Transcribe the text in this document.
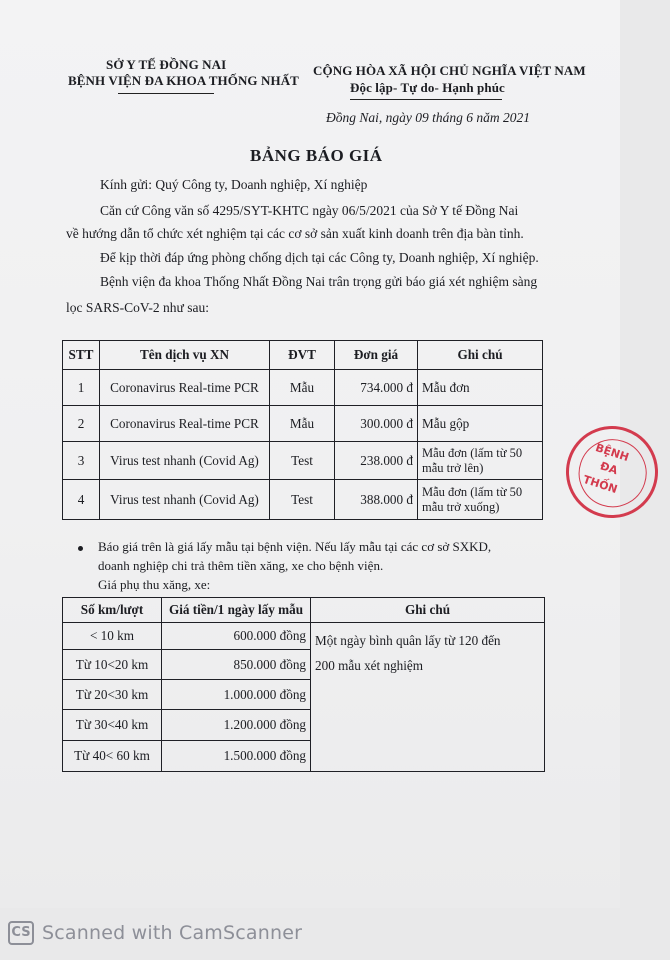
SỞ Y TẾ ĐỒNG NAI
BỆNH VIỆN ĐA KHOA THỐNG NHẤT
CỘNG HÒA XÃ HỘI CHỦ NGHĨA VIỆT NAM
Độc lập- Tự do- Hạnh phúc
Đồng Nai, ngày 09 tháng 6 năm 2021
BẢNG BÁO GIÁ
Kính gửi: Quý Công ty, Doanh nghiệp, Xí nghiệp
Căn cứ Công văn số 4295/SYT-KHTC ngày 06/5/2021 của Sở Y tế Đồng Nai
về hướng dẫn tổ chức xét nghiệm tại các cơ sở sản xuất kinh doanh trên địa bàn tỉnh.
Để kịp thời đáp ứng phòng chống dịch tại các Công ty, Doanh nghiệp, Xí nghiệp.
Bệnh viện đa khoa Thống Nhất Đồng Nai trân trọng gửi báo giá xét nghiệm sàng
lọc SARS-CoV-2 như sau:
STT	Tên dịch vụ XN	ĐVT	Đơn giá	Ghi chú
1	Coronavirus Real-time PCR	Mẫu	734.000 đ	Mẫu đơn
2	Coronavirus Real-time PCR	Mẫu	300.000 đ	Mẫu gộp
3	Virus test nhanh (Covid Ag)	Test	238.000 đ	Mẫu đơn (lấm từ 50 mẫu trở lên)
4	Virus test nhanh (Covid Ag)	Test	388.000 đ	Mẫu đơn (lấm từ 50 mẫu trở xuống)
Báo giá trên là giá lấy mẫu tại bệnh viện. Nếu lấy mẫu tại các cơ sở SXKD,
doanh nghiệp chi trả thêm tiền xăng, xe cho bệnh viện.
Giá phụ thu xăng, xe:
Số km/lượt	Giá tiền/1 ngày lấy mẫu	Ghi chú
< 10 km	600.000 đồng	Một ngày bình quân lấy từ 120 đến
200 mẫu xét nghiệm

Từ 10<20 km	850.000 đồng	
Từ 20<30 km	1.000.000 đồng	
Từ 30<40 km	1.200.000 đồng	
Từ 40< 60 km	1.500.000 đồng	
BỆNH
ĐA
THỐN
CS Scanned with CamScanner
